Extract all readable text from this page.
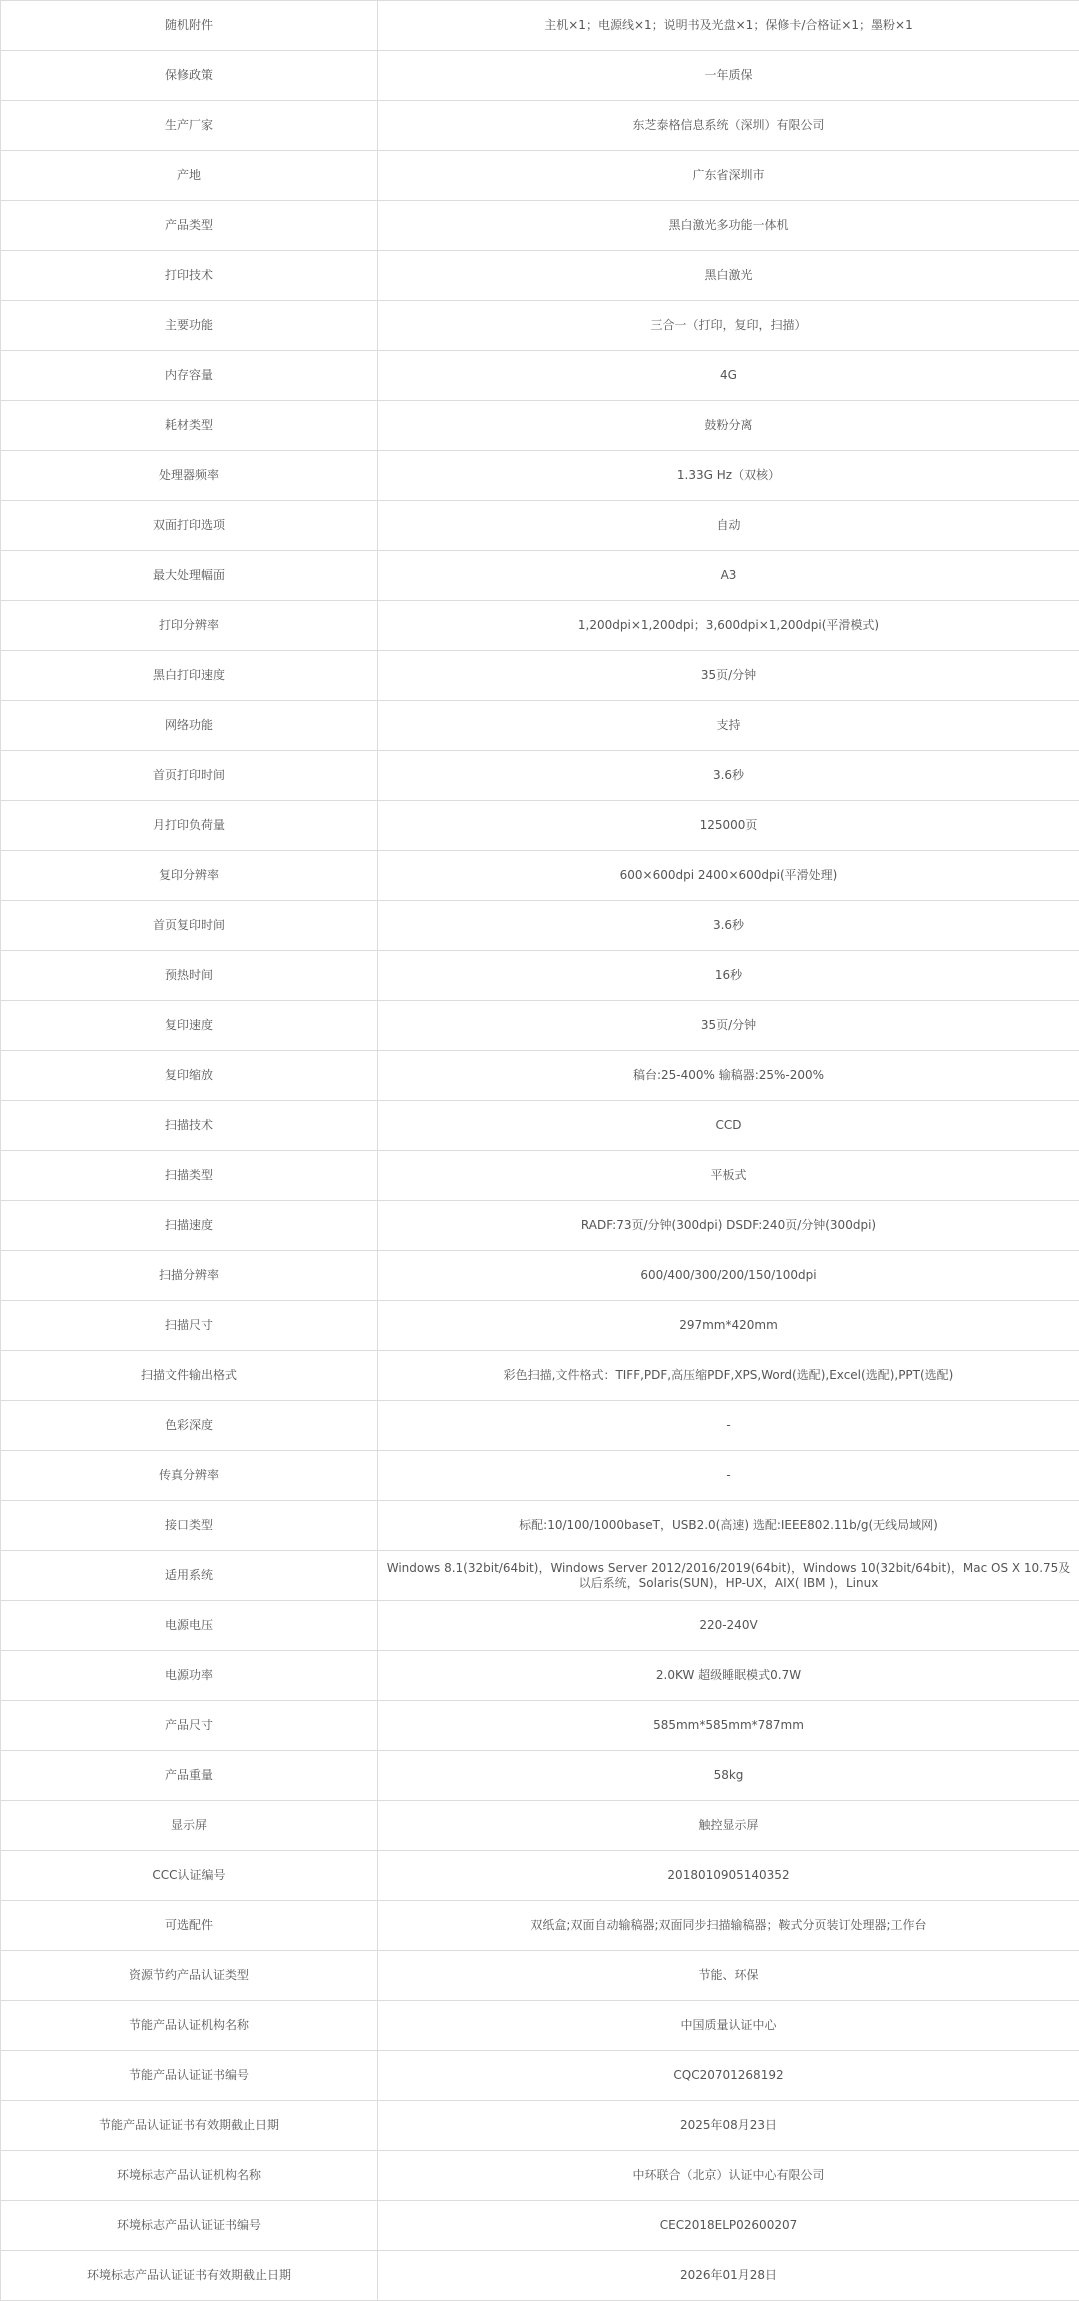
随机附件	主机×1；电源线×1；说明书及光盘×1；保修卡/合格证×1；墨粉×1
保修政策	一年质保
生产厂家	东芝泰格信息系统（深圳）有限公司
产地	广东省深圳市
产品类型	黑白激光多功能一体机
打印技术	黑白激光
主要功能	三合一（打印，复印，扫描）
内存容量	4G
耗材类型	鼓粉分离
处理器频率	1.33G Hz（双核）
双面打印选项	自动
最大处理幅面	A3
打印分辨率	1,200dpi×1,200dpi；3,600dpi×1,200dpi(平滑模式)
黑白打印速度	35页/分钟
网络功能	支持
首页打印时间	3.6秒
月打印负荷量	125000页
复印分辨率	600×600dpi 2400×600dpi(平滑处理)
首页复印时间	3.6秒
预热时间	16秒
复印速度	35页/分钟
复印缩放	稿台:25-400% 输稿器:25%-200%
扫描技术	CCD
扫描类型	平板式
扫描速度	RADF:73页/分钟(300dpi) DSDF:240页/分钟(300dpi)
扫描分辨率	600/400/300/200/150/100dpi
扫描尺寸	297mm*420mm
扫描文件输出格式	彩色扫描,文件格式：TIFF,PDF,高压缩PDF,XPS,Word(选配),Excel(选配),PPT(选配)
色彩深度	-
传真分辨率	-
接口类型	标配:10/100/1000baseT，USB2.0(高速) 选配:IEEE802.11b/g(无线局域网)
适用系统	Windows 8.1(32bit/64bit)，Windows Server 2012/2016/2019(64bit)，Windows 10(32bit/64bit)，Mac OS X 10.75及以后系统，Solaris(SUN)，HP-UX，AIX( IBM )，Linux
电源电压	220-240V
电源功率	2.0KW 超级睡眠模式0.7W
产品尺寸	585mm*585mm*787mm
产品重量	58kg
显示屏	触控显示屏
CCC认证编号	2018010905140352
可选配件	双纸盒;双面自动输稿器;双面同步扫描输稿器；鞍式分页装订处理器;工作台
资源节约产品认证类型	节能、环保
节能产品认证机构名称	中国质量认证中心
节能产品认证证书编号	CQC20701268192
节能产品认证证书有效期截止日期	2025年08月23日
环境标志产品认证机构名称	中环联合（北京）认证中心有限公司
环境标志产品认证证书编号	CEC2018ELP02600207
环境标志产品认证证书有效期截止日期	2026年01月28日
